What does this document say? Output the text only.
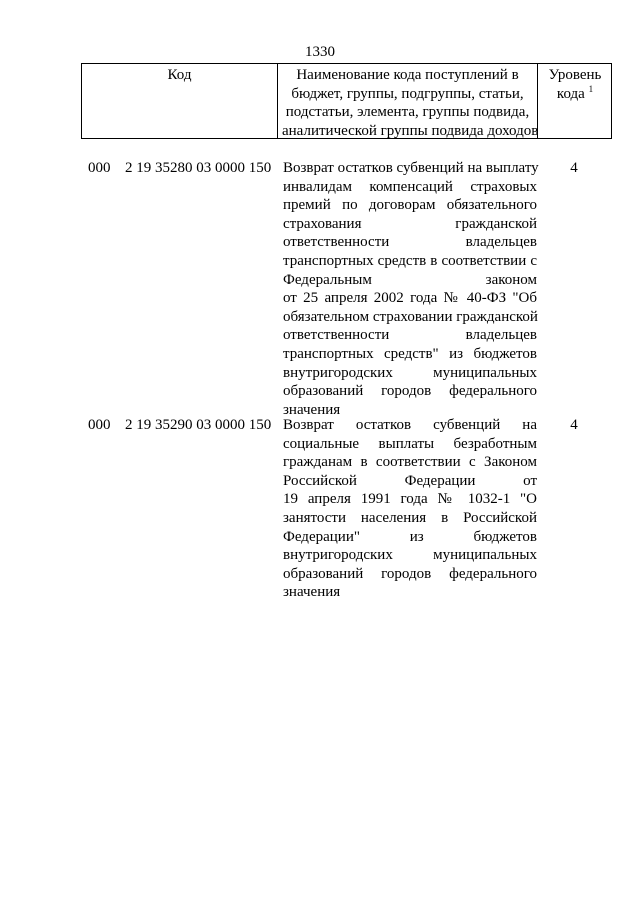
1330
Код	Наименование кода поступлений в
бюджет, группы, подгруппы, статьи,
подстатьи, элемента, группы подвида,
аналитической группы подвида доходов
Уровень
кода $^1$
000 2 19 35280 03 0000 150 Возврат остатков субвенций на выплату
инвалидам компенсаций страховых
премий по договорам обязательного
страхования гражданской
ответственности владельцев
транспортных средств в соответствии с
Федеральным законом
от 25 апреля 2002 года № 40-ФЗ "Об
обязательном страховании гражданской
ответственности владельцев
транспортных средств" из бюджетов
внутригородских муниципальных
образований городов федерального
значения
4
000 2 19 35290 03 0000 150 Возврат остатков субвенций на
социальные выплаты безработным
гражданам в соответствии с Законом
Российской Федерации от
19 апреля 1991 года № 1032-1 "О
занятости населения в Российской
Федерации" из бюджетов
внутригородских муниципальных
образований городов федерального
значения
4
